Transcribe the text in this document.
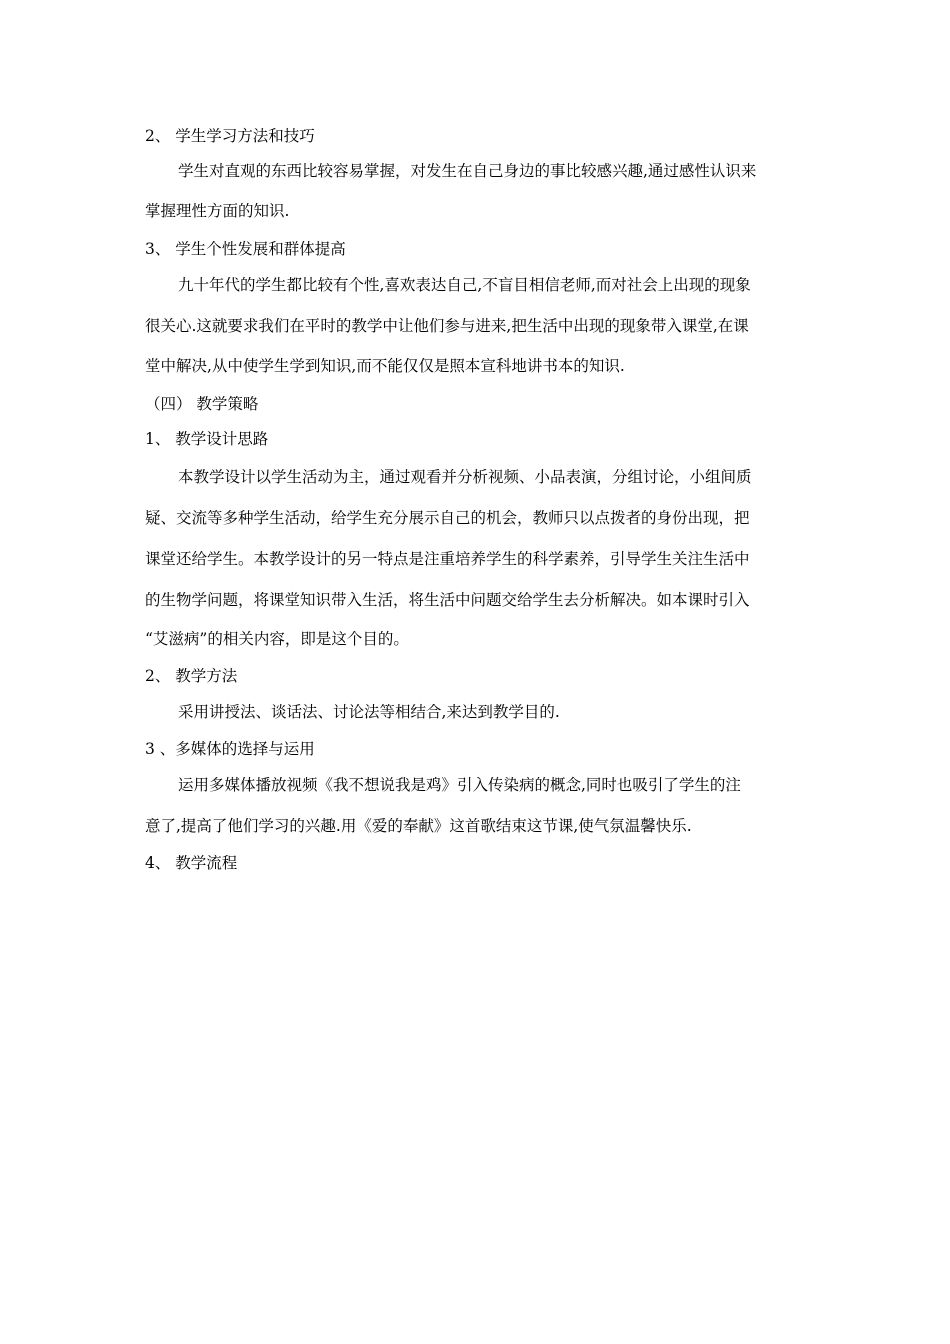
2、 学生学习方法和技巧
学生对直观的东西比较容易掌握，对发生在自己身边的事比较感兴趣,通过感性认识来
掌握理性方面的知识.
3、 学生个性发展和群体提高
九十年代的学生都比较有个性,喜欢表达自己,不盲目相信老师,而对社会上出现的现象
很关心.这就要求我们在平时的教学中让他们参与进来,把生活中出现的现象带入课堂,在课
堂中解决,从中使学生学到知识,而不能仅仅是照本宣科地讲书本的知识.
（四） 教学策略
1、 教学设计思路
本教学设计以学生活动为主，通过观看并分析视频、小品表演，分组讨论，小组间质
疑、交流等多种学生活动，给学生充分展示自己的机会，教师只以点拨者的身份出现，把
课堂还给学生。本教学设计的另一特点是注重培养学生的科学素养，引导学生关注生活中
的生物学问题，将课堂知识带入生活，将生活中问题交给学生去分析解决。如本课时引入
“艾滋病”的相关内容，即是这个目的。
2、 教学方法
采用讲授法、谈话法、讨论法等相结合,来达到教学目的.
3 、多媒体的选择与运用
运用多媒体播放视频《我不想说我是鸡》引入传染病的概念,同时也吸引了学生的注
意了,提高了他们学习的兴趣.用《爱的奉献》这首歌结束这节课,使气氛温馨快乐.
4、 教学流程
